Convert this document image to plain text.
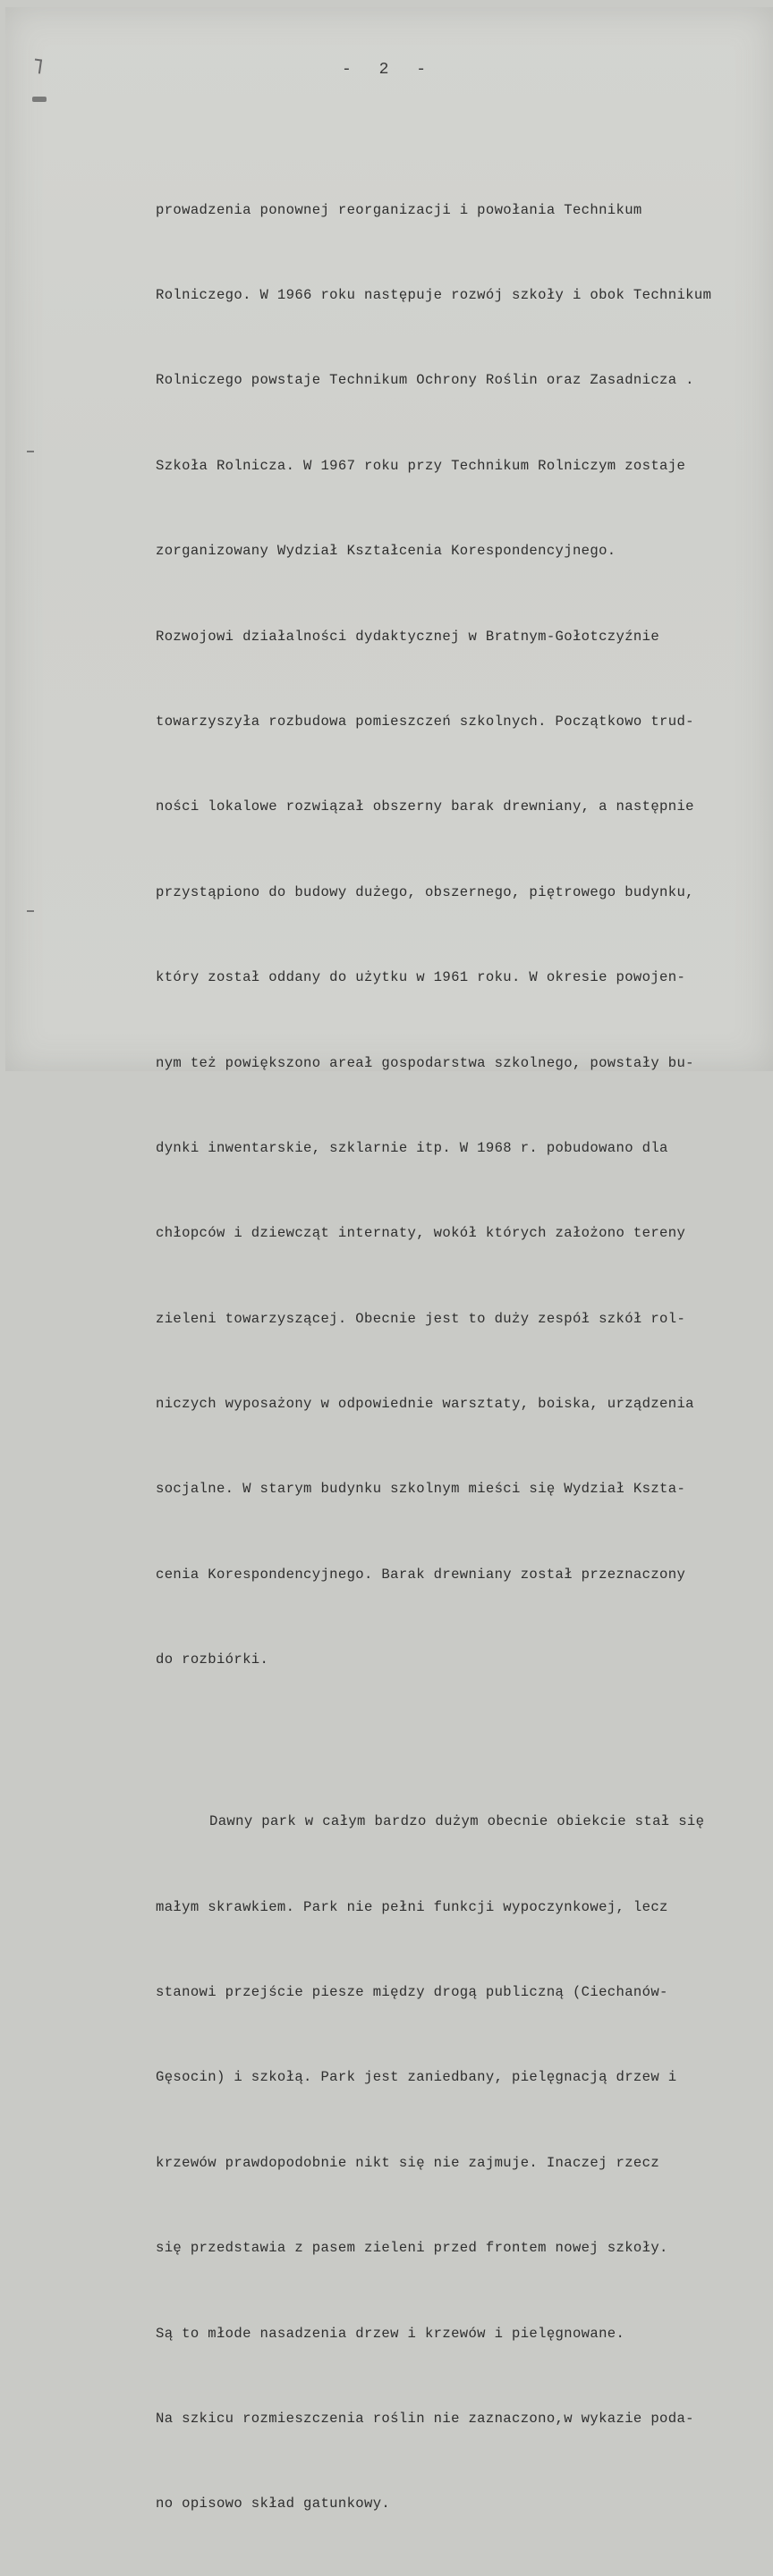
- 2 -

prowadzenia ponownej reorganizacji i powołania Technikum

Rolniczego. W 1966 roku następuje rozwój szkoły i obok Technikum

Rolniczego powstaje Technikum Ochrony Roślin oraz Zasadnicza .

Szkoła Rolnicza. W 1967 roku przy Technikum Rolniczym zostaje

zorganizowany Wydział Kształcenia Korespondencyjnego.

Rozwojowi działalności dydaktycznej w Bratnym-Gołotczyźnie

towarzyszyła rozbudowa pomieszczeń szkolnych. Początkowo trud-

ności lokalowe rozwiązał obszerny barak drewniany, a następnie

przystąpiono do budowy dużego, obszernego, piętrowego budynku,

który został oddany do użytku w 1961 roku. W okresie powojen-

nym też powiększono areał gospodarstwa szkolnego, powstały bu-

dynki inwentarskie, szklarnie itp. W 1968 r. pobudowano dla

chłopców i dziewcząt internaty, wokół których założono tereny

zieleni towarzyszącej. Obecnie jest to duży zespół szkół rol-

niczych wyposażony w odpowiednie warsztaty, boiska, urządzenia

socjalne. W starym budynku szkolnym mieści się Wydział Kszta-

cenia Korespondencyjnego. Barak drewniany został przeznaczony

do rozbiórki.

Dawny park w całym bardzo dużym obecnie obiekcie stał się

małym skrawkiem. Park nie pełni funkcji wypoczynkowej, lecz

stanowi przejście piesze między drogą publiczną (Ciechanów-

Gęsocin) i szkołą. Park jest zaniedbany, pielęgnacją drzew i

krzewów prawdopodobnie nikt się nie zajmuje. Inaczej rzecz

się przedstawia z pasem zieleni przed frontem nowej szkoły.

Są to młode nasadzenia drzew i krzewów i pielęgnowane.

Na szkicu rozmieszczenia roślin nie zaznaczono,w wykazie poda-

no opisowo skład gatunkowy.
